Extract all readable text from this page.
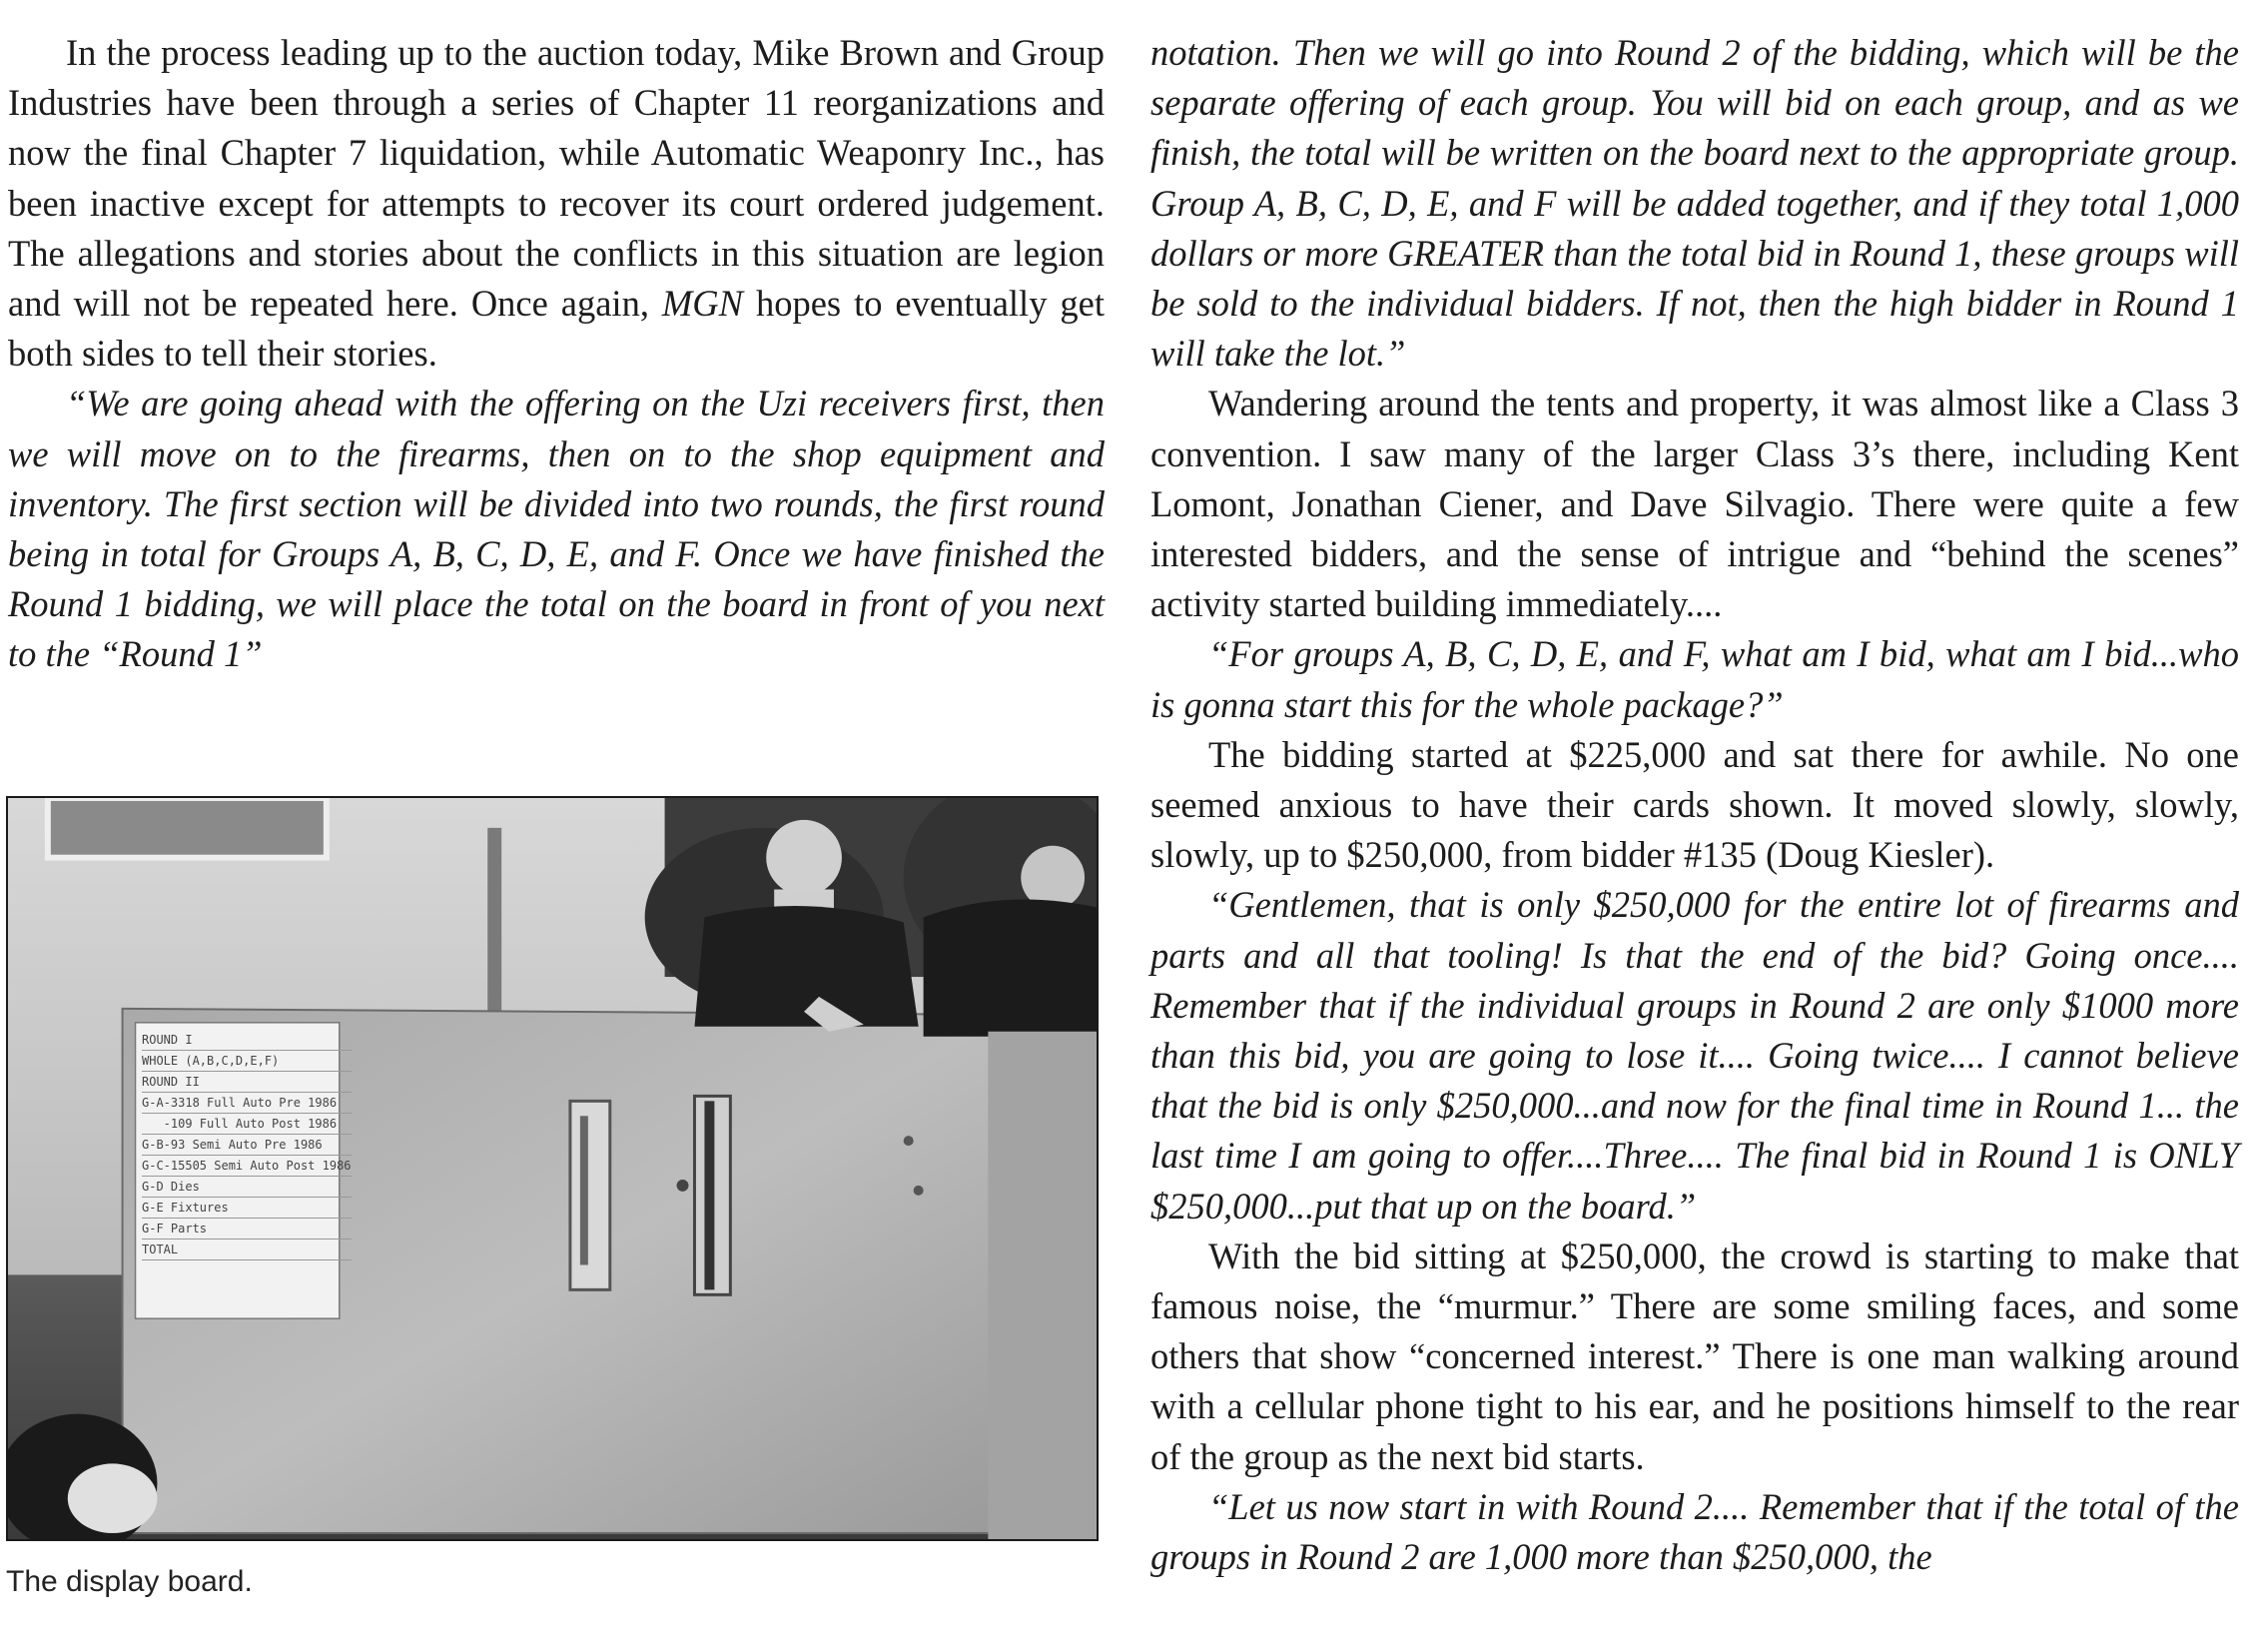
In the process leading up to the auction today, Mike Brown and Group Industries have been through a series of Chapter 11 reorganizations and now the final Chapter 7 liquidation, while Automatic Weaponry Inc., has been inactive except for attempts to recover its court ordered judgement. The allegations and stories about the conflicts in this situation are legion and will not be repeated here. Once again, MGN hopes to eventually get both sides to tell their stories.

“We are going ahead with the offering on the Uzi receivers first, then we will move on to the firearms, then on to the shop equipment and inventory. The first section will be divided into two rounds, the first round being in total for Groups A, B, C, D, E, and F. Once we have finished the Round 1 bidding, we will place the total on the board in front of you next to the “Round 1”

ROUND I
WHOLE (A,B,C,D,E,F)
ROUND II
G-A-3318 Full Auto Pre 1986
-109 Full Auto Post 1986
G-B-93 Semi Auto Pre 1986
G-C-15505 Semi Auto Post 1986
G-D Dies
G-E Fixtures
G-F Parts
TOTAL
The display board.

notation. Then we will go into Round 2 of the bidding, which will be the separate offering of each group. You will bid on each group, and as we finish, the total will be written on the board next to the appropriate group. Group A, B, C, D, E, and F will be added together, and if they total 1,000 dollars or more GREATER than the total bid in Round 1, these groups will be sold to the individual bidders. If not, then the high bidder in Round 1 will take the lot.”

Wandering around the tents and property, it was almost like a Class 3 convention. I saw many of the larger Class 3’s there, including Kent Lomont, Jonathan Ciener, and Dave Silvagio. There were quite a few interested bidders, and the sense of intrigue and “behind the scenes” activity started building immediately....

“For groups A, B, C, D, E, and F, what am I bid, what am I bid...who is gonna start this for the whole package?”

The bidding started at $225,000 and sat there for awhile. No one seemed anxious to have their cards shown. It moved slowly, slowly, slowly, up to $250,000, from bidder #135 (Doug Kiesler).

“Gentlemen, that is only $250,000 for the entire lot of firearms and parts and all that tooling! Is that the end of the bid? Going once.... Remember that if the individual groups in Round 2 are only $1000 more than this bid, you are going to lose it.... Going twice.... I cannot believe that the bid is only $250,000...and now for the final time in Round 1... the last time I am going to offer....Three.... The final bid in Round 1 is ONLY $250,000...put that up on the board.”

With the bid sitting at $250,000, the crowd is starting to make that famous noise, the “murmur.” There are some smiling faces, and some others that show “concerned interest.” There is one man walking around with a cellular phone tight to his ear, and he positions himself to the rear of the group as the next bid starts.

“Let us now start in with Round 2.... Remember that if the total of the groups in Round 2 are 1,000 more than $250,000, the
